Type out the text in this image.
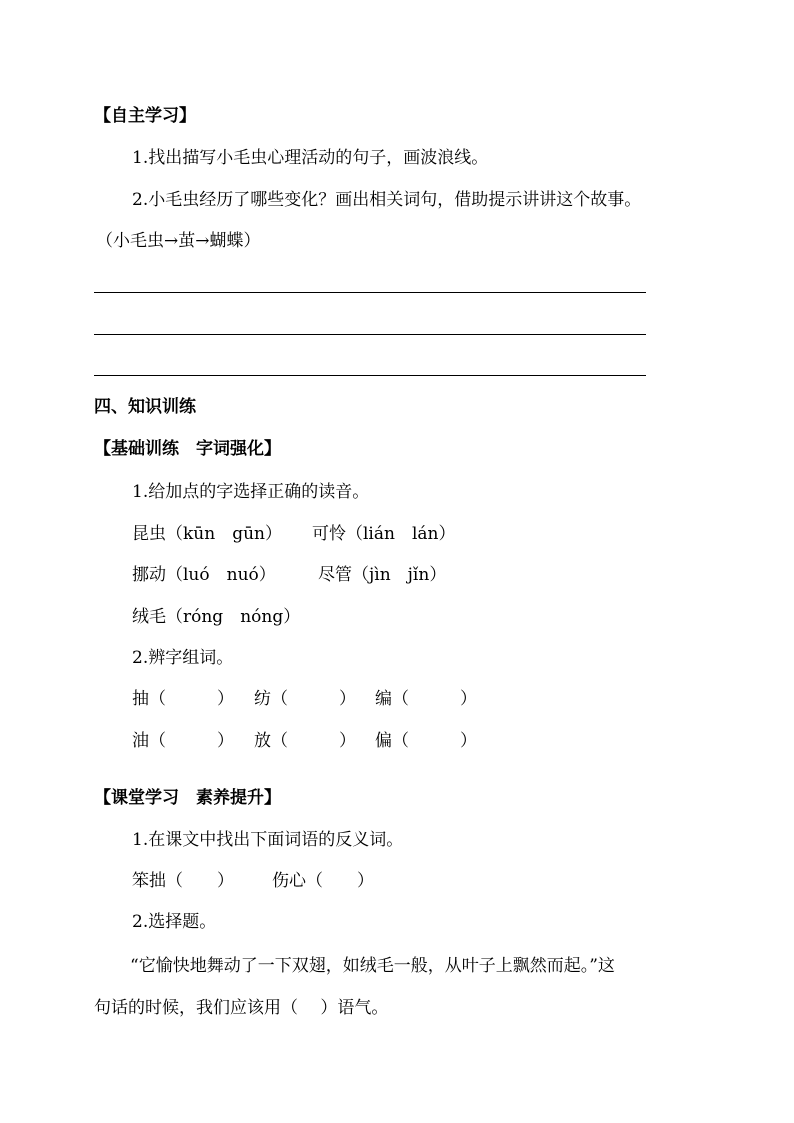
【自主学习】
1.找出描写小毛虫心理活动的句子，画波浪线。
2.小毛虫经历了哪些变化？画出相关词句，借助提示讲讲这个故事。
（小毛虫→茧→蝴蝶）
四、知识训练
【基础训练　字词强化】
1.给加点的字选择正确的读音。
昆虫（kūn　gūn） 可怜（lián　lán）
挪动（luó　nuó） 尽管（jìn　jǐn）
绒毛（róng　nóng）
2.辨字组词。
抽（　　　） 纺（　　　） 编（　　　）
油（　　　） 放（　　　） 偏（　　　）
【课堂学习　素养提升】
1.在课文中找出下面词语的反义词。
笨拙（　　） 伤心（　　）
2.选择题。
“它愉快地舞动了一下双翅，如绒毛一般，从叶子上飘然而起。”这
句话的时候，我们应该用（　 ）语气。
